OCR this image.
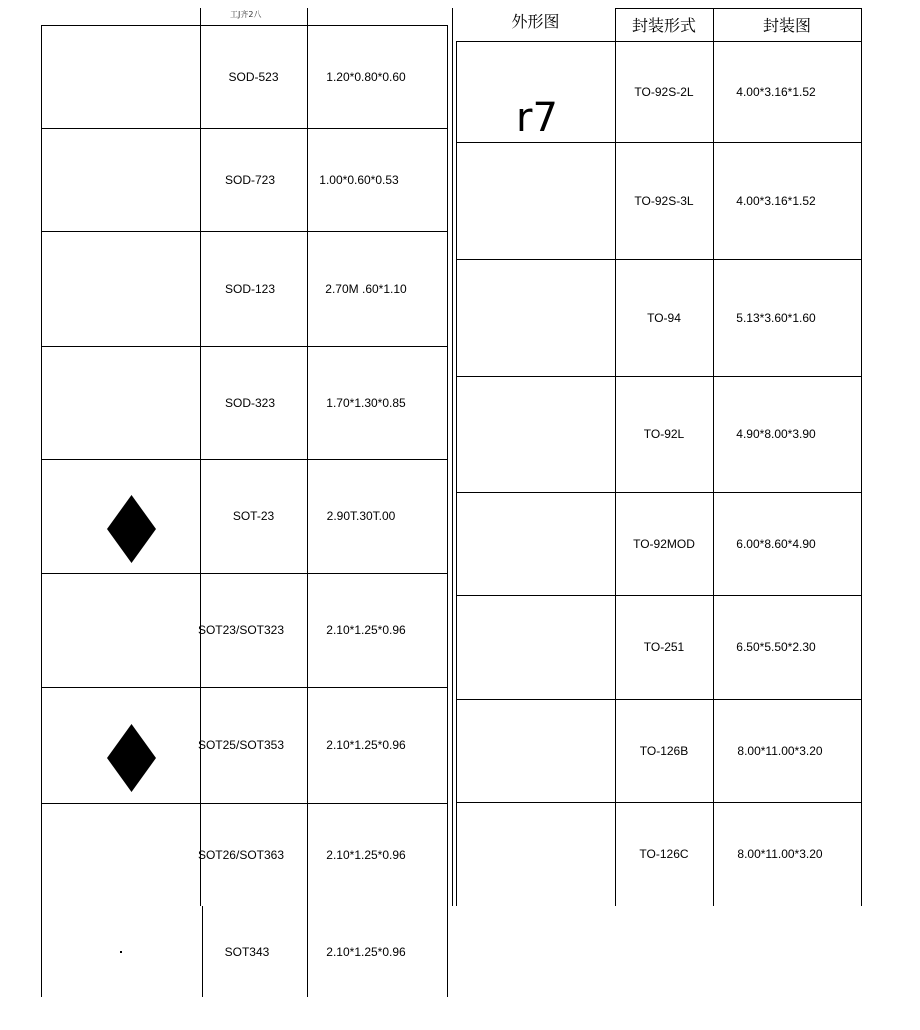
工J齐2八
SOD-523	1.20*0.80*0.60
SOD-723	1.00*0.60*0.53
SOD-123	2.70M .60*1.10
SOD-323	1.70*1.30*0.85
SOT-23	2.90T.30T.00
SOT23/SOT323	2.10*1.25*0.96
SOT25/SOT353	2.10*1.25*0.96
SOT26/SOT363	2.10*1.25*0.96
SOT343	2.10*1.25*0.96
外形图	封装形式	封装图
r7
TO-92S-2L	4.00*3.16*1.52
TO-92S-3L	4.00*3.16*1.52
TO-94	5.13*3.60*1.60
TO-92L	4.90*8.00*3.90
TO-92MOD	6.00*8.60*4.90
TO-251	6.50*5.50*2.30
TO-126B	8.00*11.00*3.20
TO-126C	8.00*11.00*3.20
